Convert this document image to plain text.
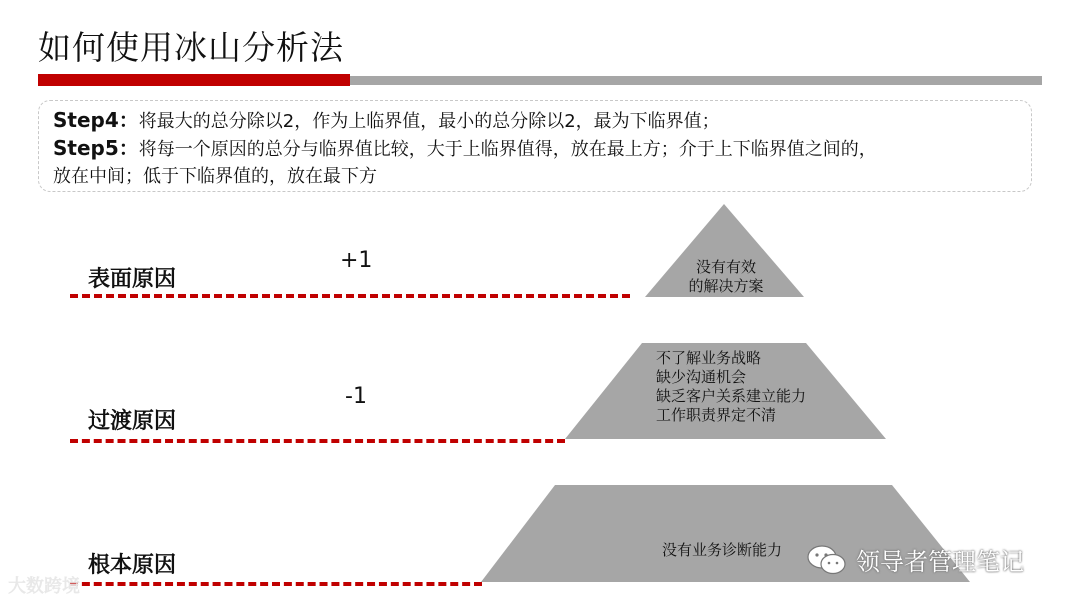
如何使用冰山分析法
Step4：将最大的总分除以2，作为上临界值，最小的总分除以2，最为下临界值；
Step5：将每一个原因的总分与临界值比较，大于上临界值得，放在最上方；介于上下临界值之间的，
放在中间；低于下临界值的，放在最下方
表面原因
+1	没有有效
的解决方案
过渡原因
-1
不了解业务战略
缺少沟通机会
缺乏客户关系建立能力
工作职责界定不清
根本原因
没有业务诊断能力
大数跨境
领导者管理笔记
